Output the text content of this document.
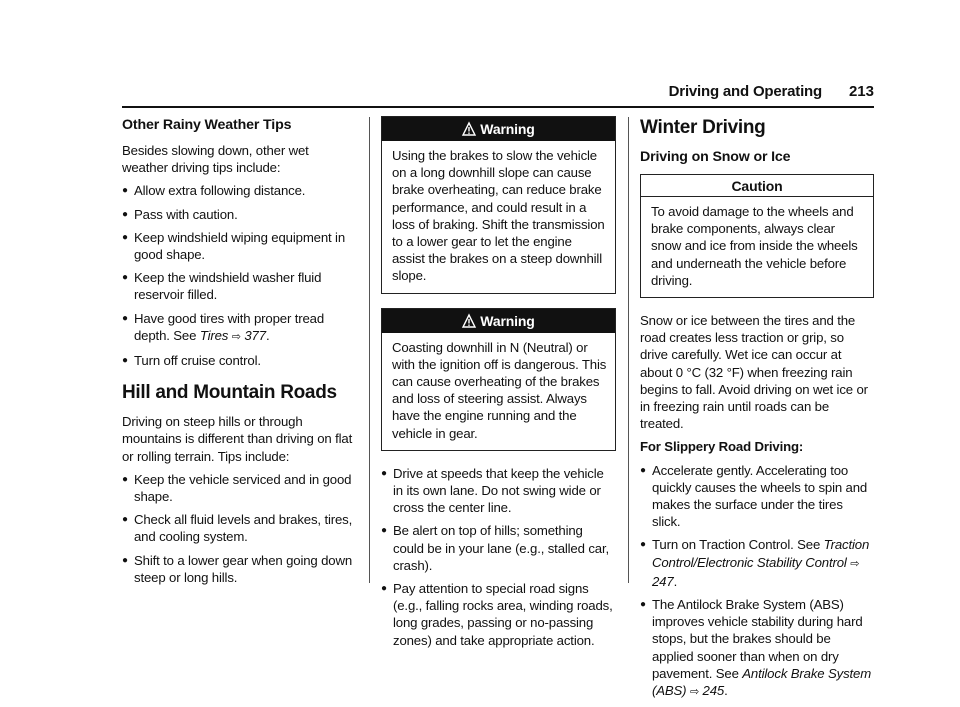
Driving and Operating 213
Other Rainy Weather Tips

Besides slowing down, other wet weather driving tips include:

● Allow extra following distance.
● Pass with caution.
● Keep windshield wiping equipment in good shape.
● Keep the windshield washer fluid reservoir filled.
● Have good tires with proper tread depth. See Tires ⇨ 377.
● Turn off cruise control.
Hill and Mountain Roads

Driving on steep hills or through mountains is different than driving on flat or rolling terrain. Tips include:

● Keep the vehicle serviced and in good shape.
● Check all fluid levels and brakes, tires, and cooling system.
● Shift to a lower gear when going down steep or long hills.
Warning
Using the brakes to slow the vehicle on a long downhill slope can cause brake overheating, can reduce brake performance, and could result in a loss of braking. Shift the transmission to a lower gear to let the engine assist the brakes on a steep downhill slope.
Warning
Coasting downhill in N (Neutral) or with the ignition off is dangerous. This can cause overheating of the brakes and loss of steering assist. Always have the engine running and the vehicle in gear.
● Drive at speeds that keep the vehicle in its own lane. Do not swing wide or cross the center line.
● Be alert on top of hills; something could be in your lane (e.g., stalled car, crash).
● Pay attention to special road signs (e.g., falling rocks area, winding roads, long grades, passing or no-passing zones) and take appropriate action.
Winter Driving
Driving on Snow or Ice
Caution
To avoid damage to the wheels and brake components, always clear snow and ice from inside the wheels and underneath the vehicle before driving.

Snow or ice between the tires and the road creates less traction or grip, so drive carefully. Wet ice can occur at about 0 °C (32 °F) when freezing rain begins to fall. Avoid driving on wet ice or in freezing rain until roads can be treated.

For Slippery Road Driving:

● Accelerate gently. Accelerating too quickly causes the wheels to spin and makes the surface under the tires slick.
● Turn on Traction Control. See Traction Control/Electronic Stability Control ⇨ 247.
● The Antilock Brake System (ABS) improves vehicle stability during hard stops, but the brakes should be applied sooner than when on dry pavement. See Antilock Brake System (ABS) ⇨ 245.
